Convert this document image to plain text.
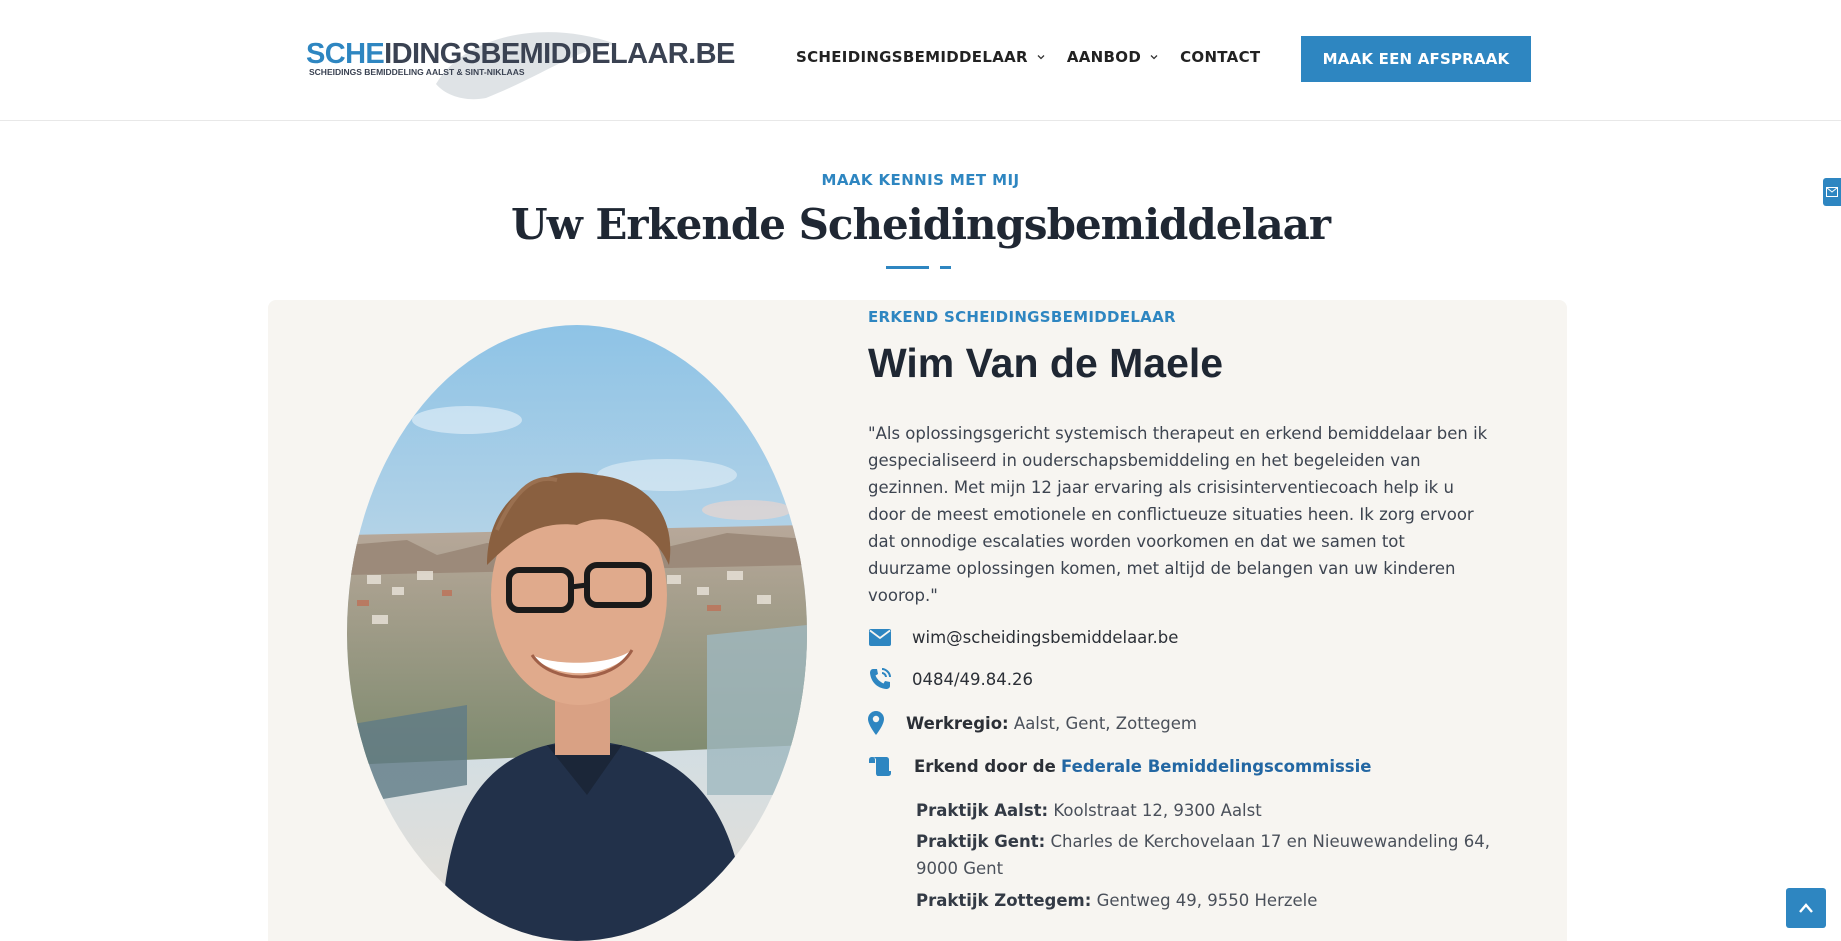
SCHEIDINGSBEMIDDELAAR.BE
SCHEIDINGS BEMIDDELING AALST & SINT-NIKLAAS
SCHEIDINGSBEMIDDELAAR	AANBOD	CONTACT	MAAK EEN AFSPRAAK
MAAK KENNIS MET MIJ
Uw Erkende Scheidingsbemiddelaar
ERKEND SCHEIDINGSBEMIDDELAAR
Wim Van de Maele

"Als oplossingsgericht systemisch therapeut en erkend bemiddelaar ben ik gespecialiseerd in ouderschapsbemiddeling en het begeleiden van gezinnen. Met mijn 12 jaar ervaring als crisisinterventiecoach help ik u door de meest emotionele en conflictueuze situaties heen. Ik zorg ervoor dat onnodige escalaties worden voorkomen en dat we samen tot duurzame oplossingen komen, met altijd de belangen van uw kinderen voorop."

wim@scheidingsbemiddelaar.be
0484/49.84.26
Werkregio: Aalst, Gent, Zottegem
Erkend door de Federale Bemiddelingscommissie
Praktijk Aalst: Koolstraat 12, 9300 Aalst
Praktijk Gent: Charles de Kerchovelaan 17 en Nieuwewandeling 64, 9000 Gent
Praktijk Zottegem: Gentweg 49, 9550 Herzele
